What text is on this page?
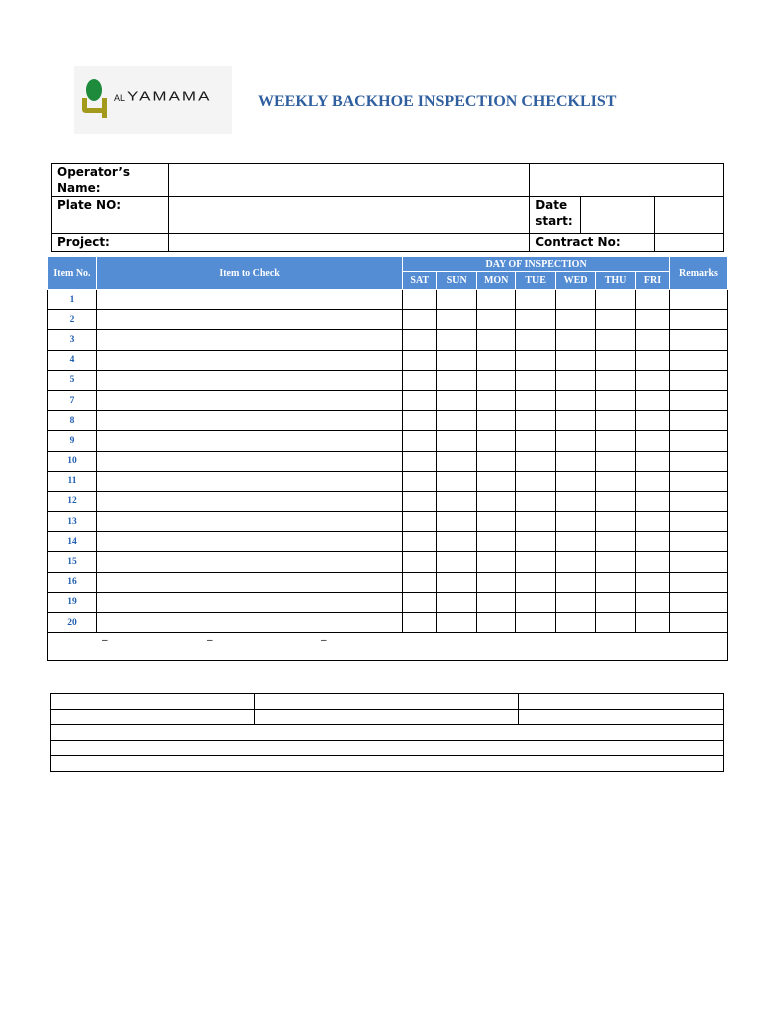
AL YAMAMA	WEEKLY BACKHOE INSPECTION CHECKLIST
Operator’s Name:				
Plate NO:		Date start:		
Project:		Contract No:		
Item No.	Item to Check	DAY OF INSPECTION							Remarks
		SAT	SUN	MON	TUE	WED	THU	FRI	
1									
2									
3									
4									
5									
7									
8									
9									
10									
11									
12									
13									
14									
15									
16									
19									
20									

– – –									
